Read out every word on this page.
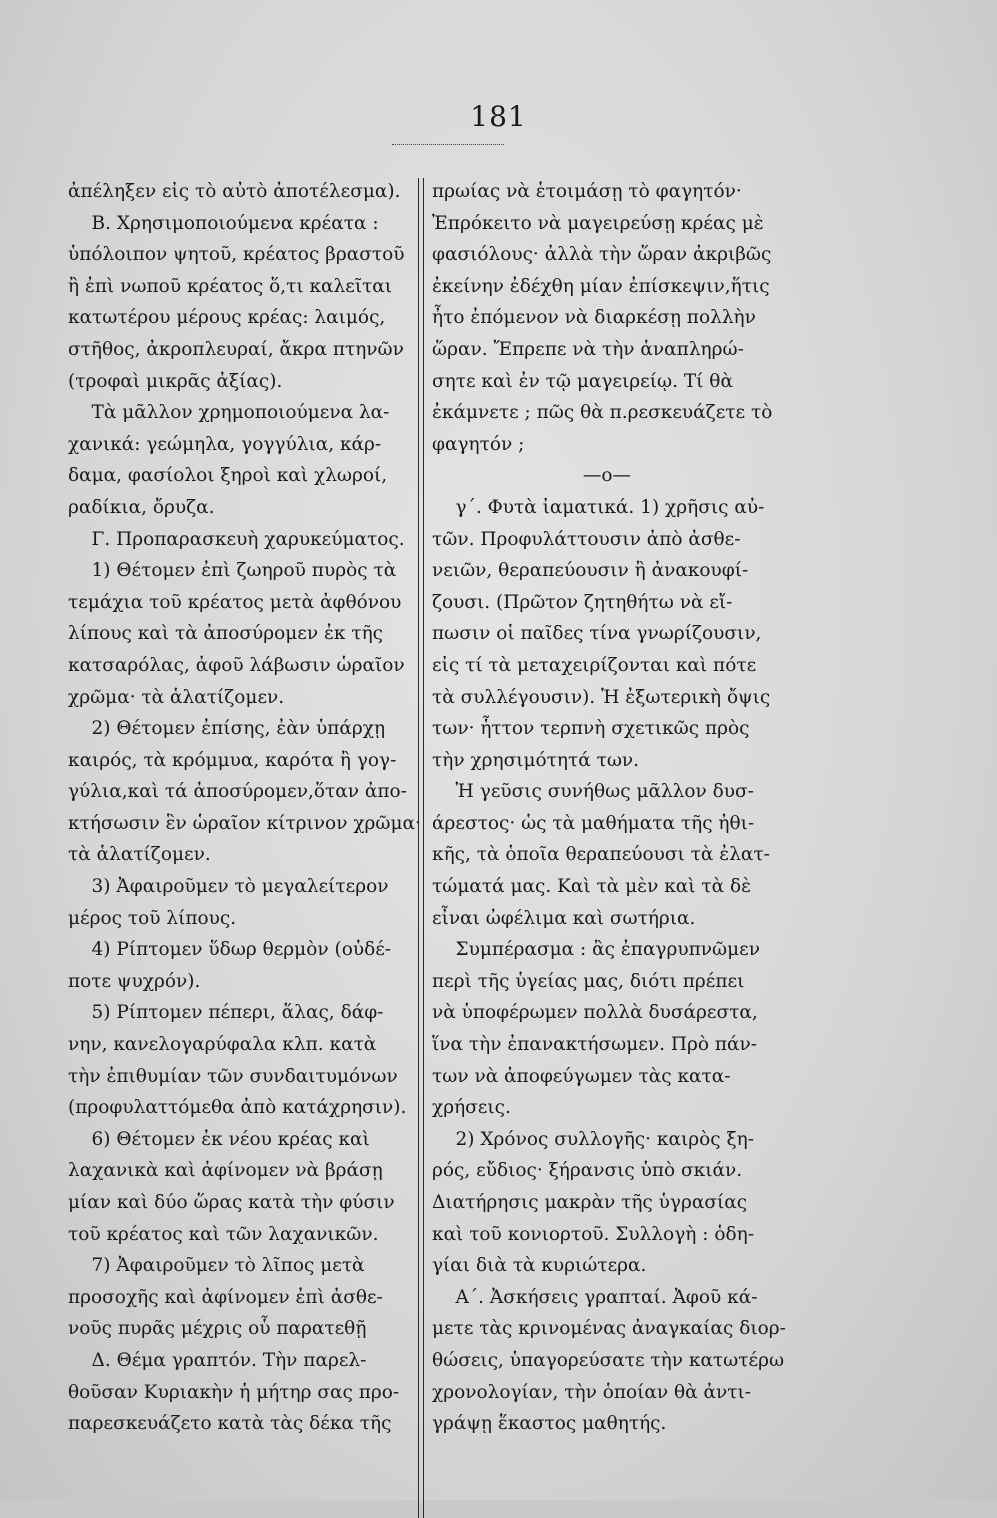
181
ἀπέληξεν εἰς τὸ αὐτὸ ἀποτέλεσμα).
Β. Χρησιμοποιούμενα κρέατα :
ὑπόλοιπον ψητοῦ, κρέατος βραστοῦ
ἢ ἐπὶ νωποῦ κρέατος ὅ,τι καλεῖται
κατωτέρου μέρους κρέας: λαιμός,
στῆθος, ἀκροπλευραί, ἄκρα πτηνῶν
(τροφαὶ μικρᾶς ἀξίας).
Τὰ μᾶλλον χρημοποιούμενα λα-
χανικά: γεώμηλα, γογγύλια, κάρ-
δαμα, φασίολοι ξηροὶ καὶ χλωροί,
ραδίκια, ὄρυζα.
Γ. Προπαρασκευὴ χαρυκεύματος.
1) Θέτομεν ἐπὶ ζωηροῦ πυρὸς τὰ
τεμάχια τοῦ κρέατος μετὰ ἀφθόνου
λίπους καὶ τὰ ἀποσύρομεν ἐκ τῆς
κατσαρόλας, ἀφοῦ λάβωσιν ὡραῖον
χρῶμα· τὰ ἁλατίζομεν.
2) Θέτομεν ἐπίσης, ἐὰν ὑπάρχῃ
καιρός, τὰ κρόμμυα, καρότα ἢ γογ-
γύλια,καὶ τά ἀποσύρομεν,ὅταν ἀπο-
κτήσωσιν ἓν ὡραῖον κίτρινον χρῶμα·
τὰ ἁλατίζομεν.
3) Ἀφαιροῦμεν τὸ μεγαλείτερον
μέρος τοῦ λίπους.
4) Ρίπτομεν ὕδωρ θερμὸν (οὐδέ-
ποτε ψυχρόν).
5) Ρίπτομεν πέπερι, ἅλας, δάφ-
νην, κανελογαρύφαλα κλπ. κατὰ
τὴν ἐπιθυμίαν τῶν συνδαιτυμόνων
(προφυλαττόμεθα ἀπὸ κατάχρησιν).
6) Θέτομεν ἐκ νέου κρέας καὶ
λαχανικὰ καὶ ἀφίνομεν νὰ βράσῃ
μίαν καὶ δύο ὥρας κατὰ τὴν φύσιν
τοῦ κρέατος καὶ τῶν λαχανικῶν.
7) Ἀφαιροῦμεν τὸ λῖπος μετὰ
προσοχῆς καὶ ἀφίνομεν ἐπὶ ἀσθε-
νοῦς πυρᾶς μέχρις οὗ παρατεθῇ
Δ. Θέμα γραπτόν. Τὴν παρελ-
θοῦσαν Κυριακὴν ἡ μήτηρ σας προ-
παρεσκευάζετο κατὰ τὰς δέκα τῆς
πρωίας νὰ ἑτοιμάσῃ τὸ φαγητόν·
Ἐπρόκειτο νὰ μαγειρεύσῃ κρέας μὲ
φασιόλους· ἀλλὰ τὴν ὥραν ἀκριβῶς
ἐκείνην ἐδέχθη μίαν ἐπίσκεψιν,ἥτις
ἦτο ἐπόμενον νὰ διαρκέσῃ πολλὴν
ὥραν. Ἔπρεπε νὰ τὴν ἀναπληρώ-
σητε καὶ ἐν τῷ μαγειρείῳ. Τί θὰ
ἐκάμνετε ; πῶς θὰ π.ρεσκευάζετε τὸ
φαγητόν ;
—ο—
γ΄. Φυτὰ ἰαματικά. 1) χρῆσις αὐ-
τῶν. Προφυλάττουσιν ἀπὸ ἀσθε-
νειῶν, θεραπεύουσιν ἢ ἀνακουφί-
ζουσι. (Πρῶτον ζητηθήτω νὰ εἴ-
πωσιν οἱ παῖδες τίνα γνωρίζουσιν,
εἰς τί τὰ μεταχειρίζονται καὶ πότε
τὰ συλλέγουσιν). Ἡ ἐξωτερικὴ ὄψις
των· ἧττον τερπνὴ σχετικῶς πρὸς
τὴν χρησιμότητά των.
Ἡ γεῦσις συνήθως μᾶλλον δυσ-
άρεστος· ὡς τὰ μαθήματα τῆς ἠθι-
κῆς, τὰ ὁποῖα θεραπεύουσι τὰ ἐλατ-
τώματά μας. Καὶ τὰ μὲν καὶ τὰ δὲ
εἶναι ὠφέλιμα καὶ σωτήρια.
Συμπέρασμα : ἂς ἐπαγρυπνῶμεν
περὶ τῆς ὑγείας μας, διότι πρέπει
νὰ ὑποφέρωμεν πολλὰ δυσάρεστα,
ἵνα τὴν ἐπανακτήσωμεν. Πρὸ πάν-
των νὰ ἀποφεύγωμεν τὰς κατα-
χρήσεις.
2) Χρόνος συλλογῆς· καιρὸς ξη-
ρός, εὔδιος· ξήρανσις ὑπὸ σκιάν.
Διατήρησις μακρὰν τῆς ὑγρασίας
καὶ τοῦ κονιορτοῦ. Συλλογὴ : ὁδη-
γίαι διὰ τὰ κυριώτερα.
Α΄. Ἀσκήσεις γραπταί. Ἀφοῦ κά-
μετε τὰς κρινομένας ἀναγκαίας διορ-
θώσεις, ὑπαγορεύσατε τὴν κατωτέρω
χρονολογίαν, τὴν ὁποίαν θὰ ἀντι-
γράψῃ ἕκαστος μαθητής.
